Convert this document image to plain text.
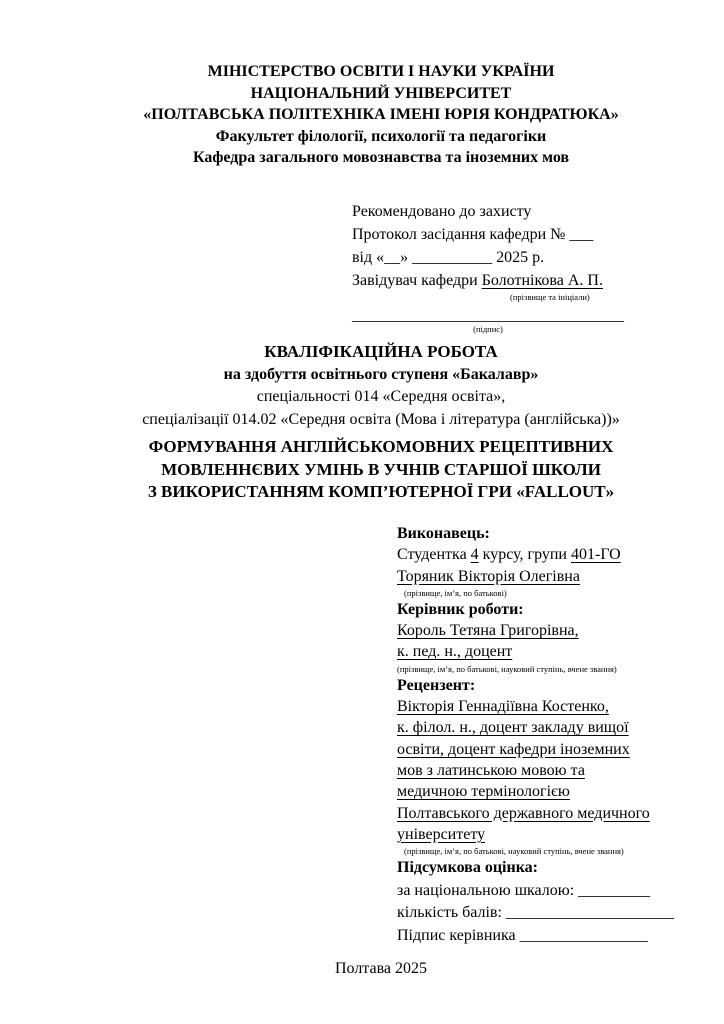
МІНІСТЕРСТВО ОСВІТИ І НАУКИ УКРАЇНИ
НАЦІОНАЛЬНИЙ УНІВЕРСИТЕТ
«ПОЛТАВСЬКА ПОЛІТЕХНІКА ІМЕНІ ЮРІЯ КОНДРАТЮКА»
Факультет філології, психології та педагогіки
Кафедра загального мовознавства та іноземних мов
Рекомендовано до захисту
Протокол засідання кафедри № ___
від «__» __________ 2025 р.
Завідувач кафедри Болотнікова А. П.
(прізвище та ініціали)
__________________________________
(підпис)
КВАЛІФІКАЦІЙНА РОБОТА
на здобуття освітнього ступеня «Бакалавр»
спеціальності 014 «Середня освіта»,
спеціалізації 014.02 «Середня освіта (Мова і література (англійська))»
ФОРМУВАННЯ АНГЛІЙСЬКОМОВНИХ РЕЦЕПТИВНИХ
МОВЛЕННЄВИХ УМІНЬ В УЧНІВ СТАРШОЇ ШКОЛИ
З ВИКОРИСТАННЯМ КОМП’ЮТЕРНОЇ ГРИ «FALLOUT»
Виконавець:
Студентка 4 курсу, групи 401-ГО
Торяник Вікторія Олегівна
(прізвище, ім’я, по батькові)
Керівник роботи:
Король Тетяна Григорівна,
к. пед. н., доцент
(прізвище, ім’я, по батькові, науковий ступінь, вчене звання)
Рецензент:
Вікторія Геннадіївна Костенко,
к. філол. н., доцент закладу вищої
освіти, доцент кафедри іноземних
мов з латинською мовою та
медичною термінологією
Полтавського державного медичного
університету
(прізвище, ім’я, по батькові, науковий ступінь, вчене звання)
Підсумкова оцінка:
за національною шкалою: _________
кількість балів: _____________________
Підпис керівника ________________
Полтава 2025
